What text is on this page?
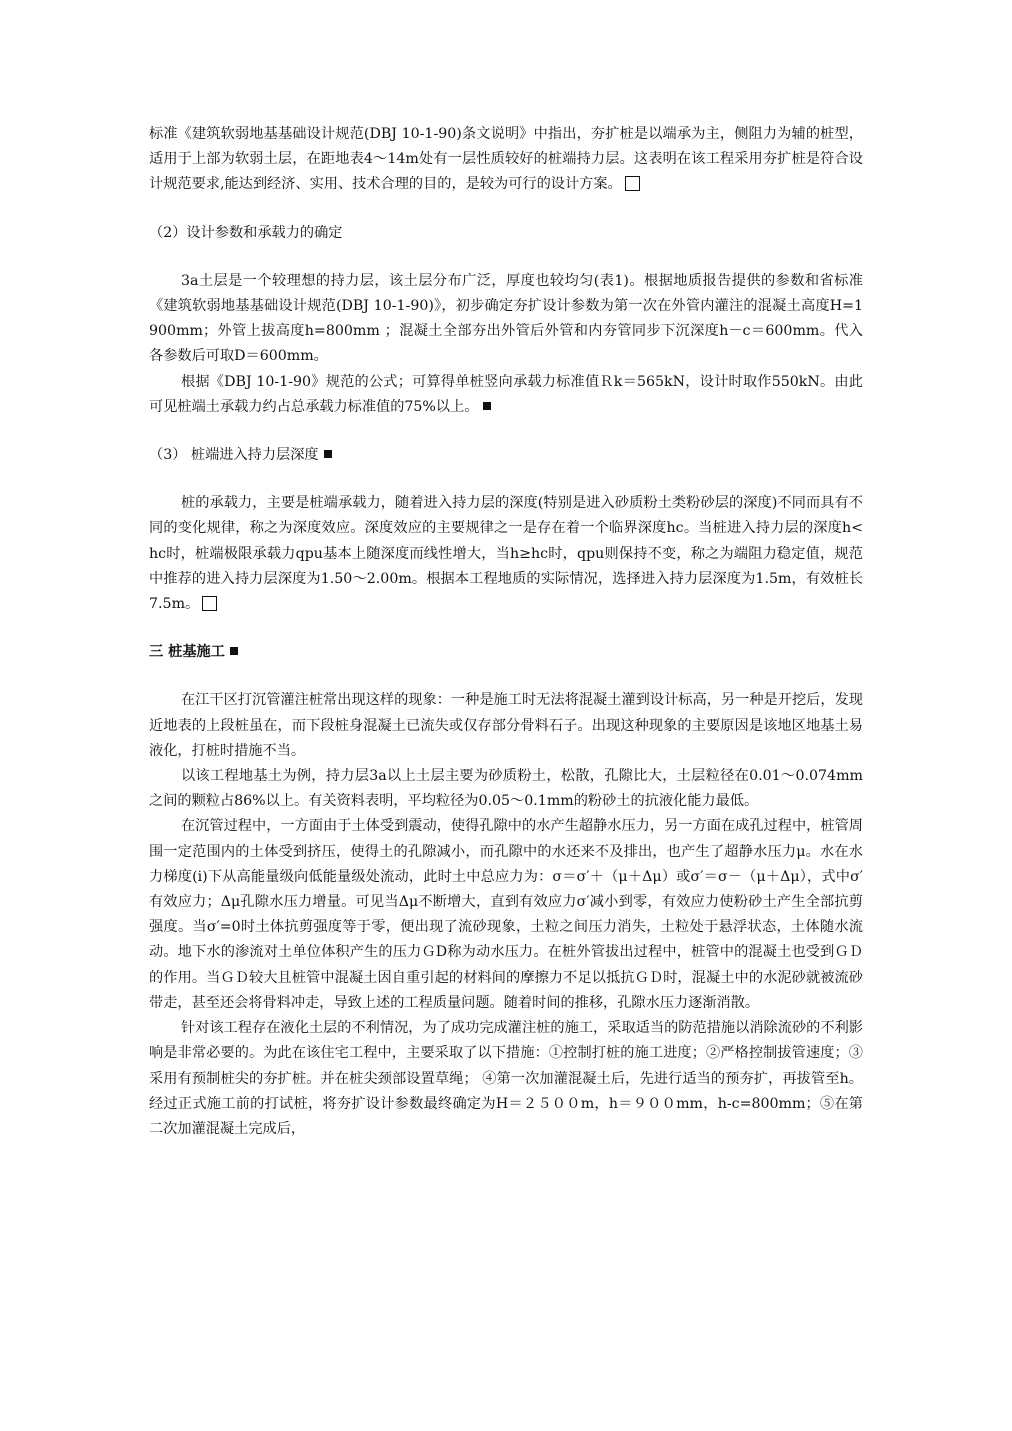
标准《建筑软弱地基基础设计规范(DBJ 10-1-90)条文说明》中指出，夯扩桩是以端承为主，侧阻力为辅的桩型，适用于上部为软弱土层，在距地表4～14m处有一层性质较好的桩端持力层。这表明在该工程采用夯扩桩是符合设计规范要求,能达到经济、实用、技术合理的目的，是较为可行的设计方案。

（2）设计参数和承载力的确定

3a土层是一个较理想的持力层，该土层分布广泛，厚度也较均匀(表1)。根据地质报告提供的参数和省标准《建筑软弱地基基础设计规范(DBJ 10-1-90)》，初步确定夯扩设计参数为第一次在外管内灌注的混凝土高度H=1900mm；外管上拔高度h=800mm ；混凝土全部夯出外管后外管和内夯管同步下沉深度h－c＝600mm。代入各参数后可取D＝600mm。

根据《DBJ 10-1-90》规范的公式；可算得单桩竖向承载力标准值Ｒk＝565kN，设计时取作550kN。由此可见桩端土承载力约占总承载力标准值的75%以上。

（3） 桩端进入持力层深度

桩的承载力，主要是桩端承载力，随着进入持力层的深度(特别是进入砂质粉土类粉砂层的深度)不同而具有不同的变化规律，称之为深度效应。深度效应的主要规律之一是存在着一个临界深度hc。当桩进入持力层的深度h<hc时，桩端极限承载力qpu基本上随深度而线性增大，当h≥hc时，qpu则保持不变，称之为端阻力稳定值，规范中推荐的进入持力层深度为1.50～2.00m。根据本工程地质的实际情况，选择进入持力层深度为1.5m，有效桩长7.5m。

三 桩基施工

在江干区打沉管灌注桩常出现这样的现象：一种是施工时无法将混凝土灌到设计标高，另一种是开挖后，发现近地表的上段桩虽在，而下段桩身混凝土已流失或仅存部分骨料石子。出现这种现象的主要原因是该地区地基土易液化，打桩时措施不当。

以该工程地基土为例，持力层3a以上土层主要为砂质粉土，松散，孔隙比大，土层粒径在0.01～0.074mm之间的颗粒占86%以上。有关资料表明，平均粒径为0.05～0.1mm的粉砂土的抗液化能力最低。

在沉管过程中，一方面由于土体受到震动，使得孔隙中的水产生超静水压力，另一方面在成孔过程中，桩管周围一定范围内的土体受到挤压，使得土的孔隙减小，而孔隙中的水还来不及排出，也产生了超静水压力μ。水在水力梯度(i)下从高能量级向低能量级处流动，此时土中总应力为：σ＝σ′＋（μ＋Δμ）或σ′＝σ－（μ＋Δμ），式中σ′有效应力；Δμ孔隙水压力增量。可见当Δμ不断增大，直到有效应力σ′减小到零，有效应力使粉砂土产生全部抗剪强度。当σ′=0时土体抗剪强度等于零，便出现了流砂现象，土粒之间压力消失，土粒处于悬浮状态，土体随水流动。地下水的渗流对土单位体积产生的压力ＧD称为动水压力。在桩外管拔出过程中，桩管中的混凝土也受到ＧＤ的作用。当ＧＤ较大且桩管中混凝土因自重引起的材料间的摩擦力不足以抵抗ＧＤ时，混凝土中的水泥砂就被流砂带走，甚至还会将骨料冲走，导致上述的工程质量问题。随着时间的推移，孔隙水压力逐渐消散。

针对该工程存在液化土层的不利情况，为了成功完成灌注桩的施工，采取适当的防范措施以消除流砂的不利影响是非常必要的。为此在该住宅工程中，主要采取了以下措施：①控制打桩的施工进度；②严格控制拔管速度；③采用有预制桩尖的夯扩桩。并在桩尖颈部设置草绳； ④第一次加灌混凝土后，先进行适当的预夯扩，再拔管至h。经过正式施工前的打试桩，将夯扩设计参数最终确定为H＝２５００m，h＝９００mm，h-c=800mm；⑤在第二次加灌混凝土完成后，
